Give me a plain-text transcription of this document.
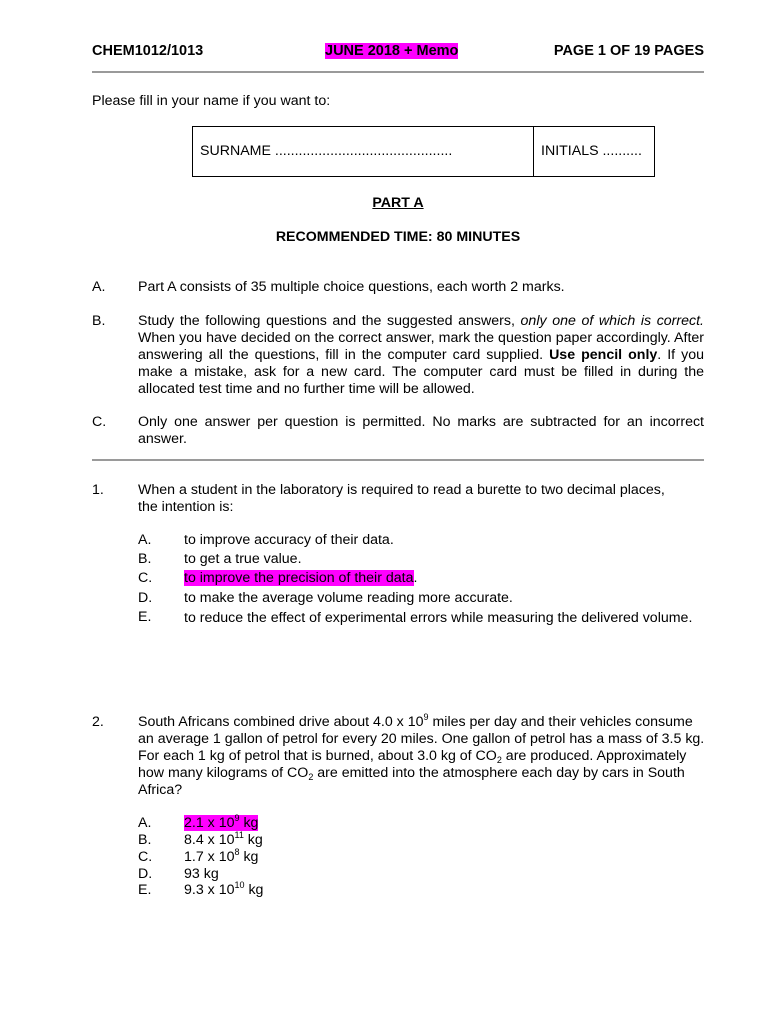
CHEM1012/1013	JUNE 2018 + Memo	PAGE 1 OF 19 PAGES
Please fill in your name if you want to:
SURNAME .............................................	INITIALS ..........
PART A
RECOMMENDED TIME: 80 MINUTES
A. Part A consists of 35 multiple choice questions, each worth 2 marks.
B. Study the following questions and the suggested answers, only one of which is correct. When you have decided on the correct answer, mark the question paper accordingly. After answering all the questions, fill in the computer card supplied. Use pencil only. If you make a mistake, ask for a new card. The computer card must be filled in during the allocated test time and no further time will be allowed.
C. Only one answer per question is permitted. No marks are subtracted for an incorrect answer.
1. When a student in the laboratory is required to read a burette to two decimal places, the intention is:
A. to improve accuracy of their data.
B. to get a true value.
C. to improve the precision of their data.
D. to make the average volume reading more accurate.
E. to reduce the effect of experimental errors while measuring the delivered volume.
2. South Africans combined drive about 4.0 x $10^9$ miles per day and their vehicles consume an average 1 gallon of petrol for every 20 miles. One gallon of petrol has a mass of 3.5 kg. For each 1 kg of petrol that is burned, about 3.0 kg of $CO_2$ are produced. Approximately how many kilograms of $CO_2$ are emitted into the atmosphere each day by cars in South Africa?
A. 2.1 x $10^9$ kg
B. 8.4 x $10^{11}$ kg
C. 1.7 x $10^8$ kg
D. 93 kg
E. 9.3 x $10^{10}$ kg
